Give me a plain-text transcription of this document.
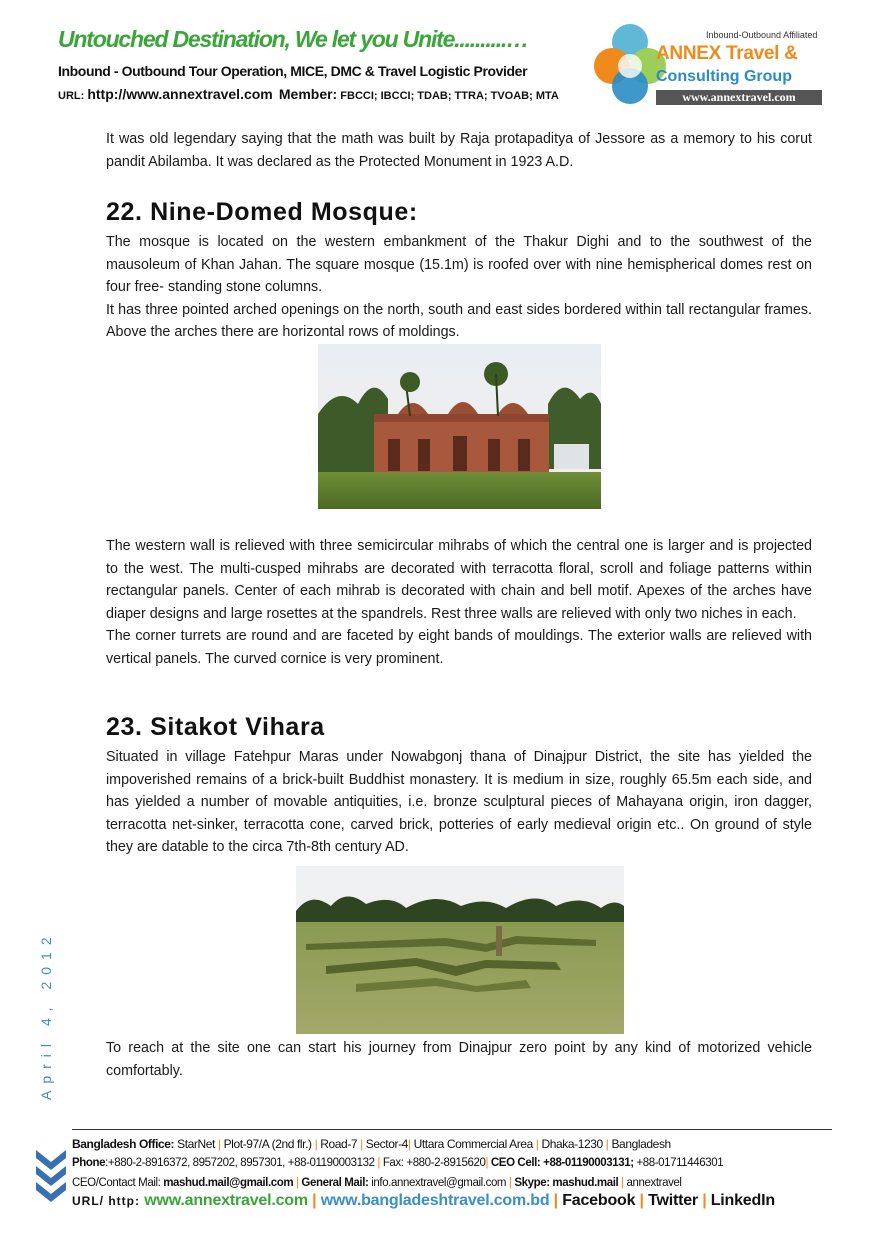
Untouched Destination, We let you Unite..........…
Inbound - Outbound Tour Operation, MICE, DMC & Travel Logistic Provider
URL: http://www.annextravel.com Member: FBCCI; IBCCI; TDAB; TTRA; TVOAB; MTA
Inbound-Outbound Affiliated
ANNEX Travel &
Consulting Group
www.annextravel.com

It was old legendary saying that the math was built by Raja protapaditya of Jessore as a memory to his corut pandit Abilamba. It was declared as the Protected Monument in 1923 A.D.

22. Nine-Domed Mosque:

The mosque is located on the western embankment of the Thakur Dighi and to the southwest of the mausoleum of Khan Jahan. The square mosque (15.1m) is roofed over with nine hemispherical domes rest on four free- standing stone columns.

It has three pointed arched openings on the north, south and east sides bordered within tall rectangular frames. Above the arches there are horizontal rows of moldings.

The western wall is relieved with three semicircular mihrabs of which the central one is larger and is projected to the west. The multi-cusped mihrabs are decorated with terracotta floral, scroll and foliage patterns within rectangular panels. Center of each mihrab is decorated with chain and bell motif. Apexes of the arches have diaper designs and large rosettes at the spandrels. Rest three walls are relieved with only two niches in each.

The corner turrets are round and are faceted by eight bands of mouldings. The exterior walls are relieved with vertical panels. The curved cornice is very prominent.

23. Sitakot Vihara

Situated in village Fatehpur Maras under Nowabgonj thana of Dinajpur District, the site has yielded the impoverished remains of a brick-built Buddhist monastery. It is medium in size, roughly 65.5m each side, and has yielded a number of movable antiquities, i.e. bronze sculptural pieces of Mahayana origin, iron dagger, terracotta net-sinker, terracotta cone, carved brick, potteries of early medieval origin etc.. On ground of style they are datable to the circa 7th-8th century AD.

To reach at the site one can start his journey from Dinajpur zero point by any kind of motorized vehicle comfortably.

April 4, 2012
Bangladesh Office: StarNet | Plot-97/A (2nd flr.) | Road-7 | Sector-4| Uttara Commercial Area | Dhaka-1230 | Bangladesh
Phone:+880-2-8916372, 8957202, 8957301, +88-01190003132 | Fax: +880-2-8915620| CEO Cell: +88-01190003131; +88-01711446301
CEO/Contact Mail: mashud.mail@gmail.com | General Mail: info.annextravel@gmail.com | Skype: mashud.mail | annextravel
URL/ http: www.annextravel.com | www.bangladeshtravel.com.bd | Facebook | Twitter | LinkedIn
